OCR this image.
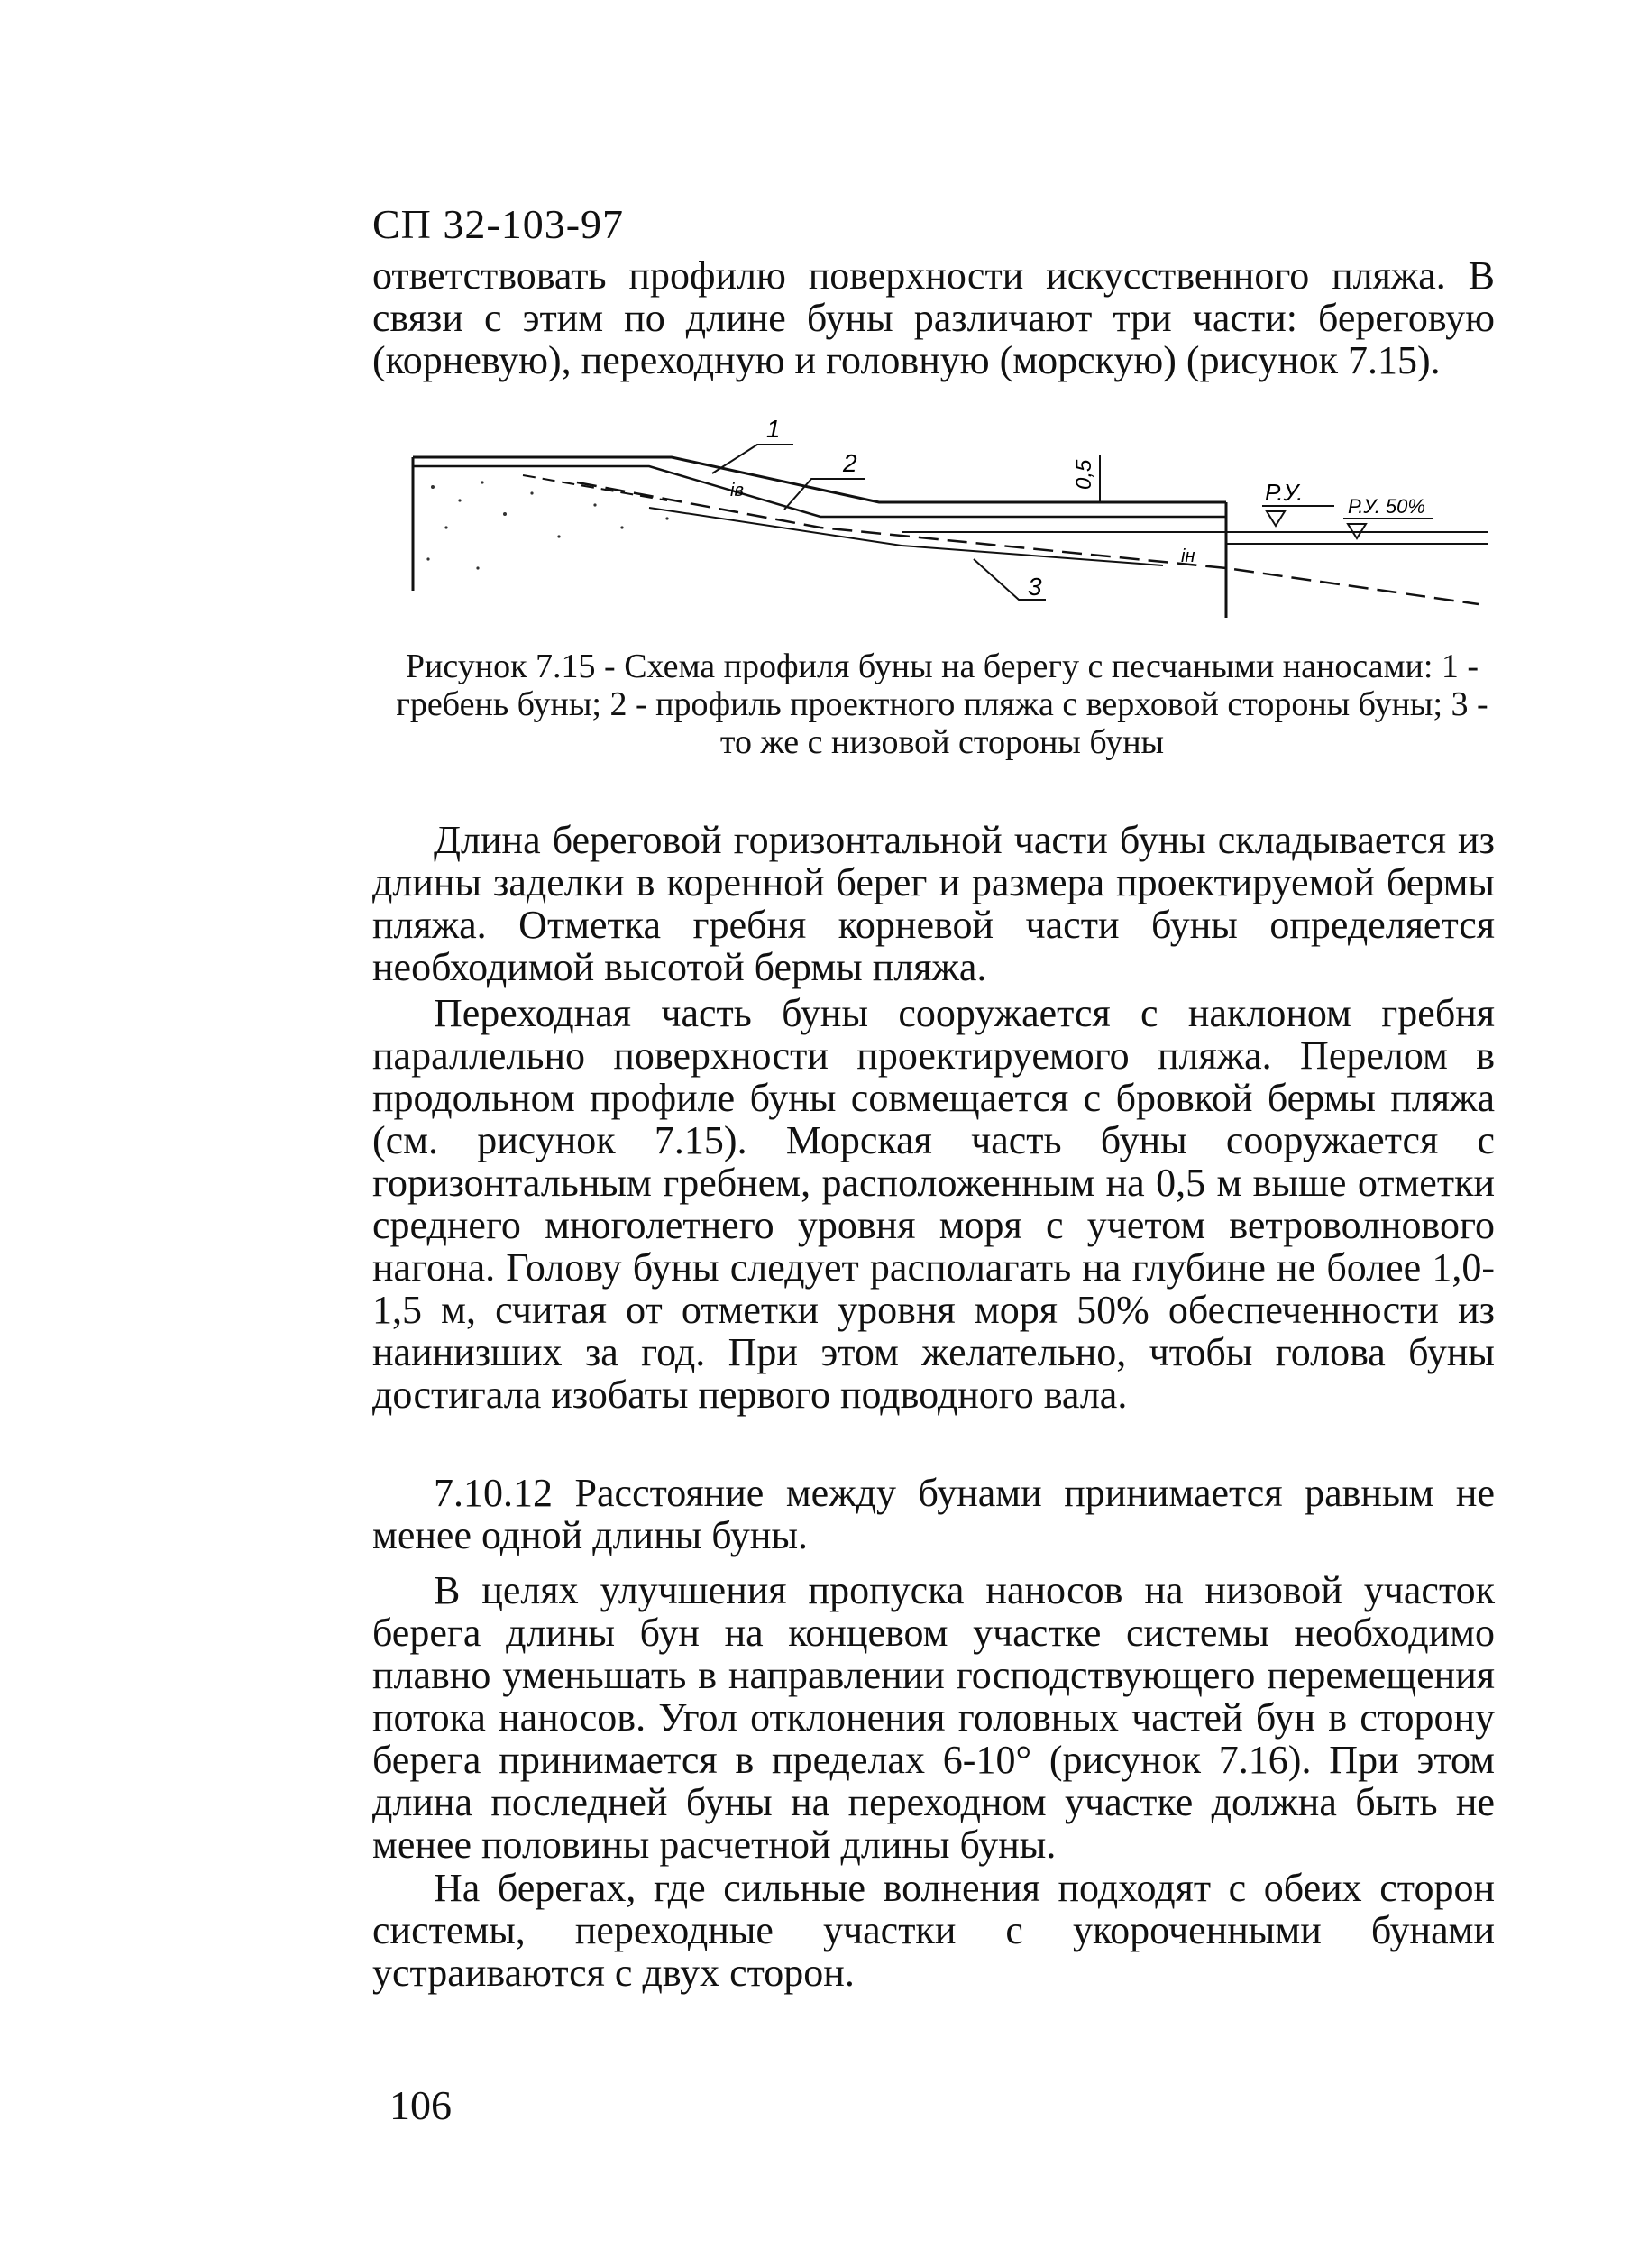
СП 32-103-97

ответствовать профилю поверхности искусственного пляжа. В связи с этим по длине буны различают три части: береговую (корневую), переходную и головную (морскую) (рисунок 7.15).

1
2
3
0,5
Р.У.
Р.У. 50%
iв
iн

Рисунок 7.15 - Схема профиля буны на берегу с песчаными наносами: 1 - гребень буны; 2 - профиль проектного пляжа с верховой стороны буны; 3 - то же с низовой стороны буны

Длина береговой горизонтальной части буны складывается из длины заделки в коренной берег и размера проектируемой бермы пляжа. Отметка гребня корневой части буны определяется необходимой высотой бермы пляжа.

Переходная часть буны сооружается с наклоном гребня параллельно поверхности проектируемого пляжа. Перелом в продольном профиле буны совмещается с бровкой бермы пляжа (см. рисунок 7.15). Морская часть буны сооружается с горизонтальным гребнем, расположенным на 0,5 м выше отметки среднего многолетнего уровня моря с учетом ветроволнового нагона. Голову буны следует располагать на глубине не более 1,0-1,5 м, считая от отметки уровня моря 50% обеспеченности из наинизших за год. При этом желательно, чтобы голова буны достигала изобаты первого подводного вала.

7.10.12 Расстояние между бунами принимается равным не менее одной длины буны.

В целях улучшения пропуска наносов на низовой участок берега длины бун на концевом участке системы необходимо плавно уменьшать в направлении господствующего перемещения потока наносов. Угол отклонения головных частей бун в сторону берега принимается в пределах 6-10° (рисунок 7.16). При этом длина последней буны на переходном участке должна быть не менее половины расчетной длины буны.

На берегах, где сильные волнения подходят с обеих сторон системы, переходные участки с укороченными бунами устраиваются с двух сторон.

106
